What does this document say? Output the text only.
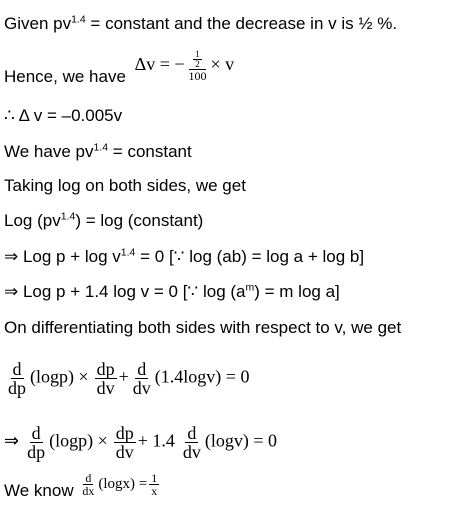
Given $pv^{1.4}$ = constant and the decrease in v is ½ %.
Hence, we have Δv = − $\frac{\frac{1}{2}}{100} \times v$
∴ Δ v = –0.005v
We have $pv^{1.4}$ = constant
Taking log on both sides, we get
Log $(pv^{1.4}) = \log$ (constant)
⇒ Log $p + \log v^{1.4} = 0$ [∵ log (ab) = log a + log b]
⇒ Log p + 1.4 log v = 0 [∵ $\log (a^m) = m$ log a]
On differentiating both sides with respect to v, we get
$\frac{d}{dp} (\log p) \times \frac{dp}{dv} + \frac{d}{dv} (1.4\log v) = 0$
⇒ $\frac{d}{dp} (\log p) \times \frac{dp}{dv} + 1.4 \frac{d}{dv} (\log v) = 0$
We know $\frac{d}{dx} (\log x) = \frac{1}{x}$
